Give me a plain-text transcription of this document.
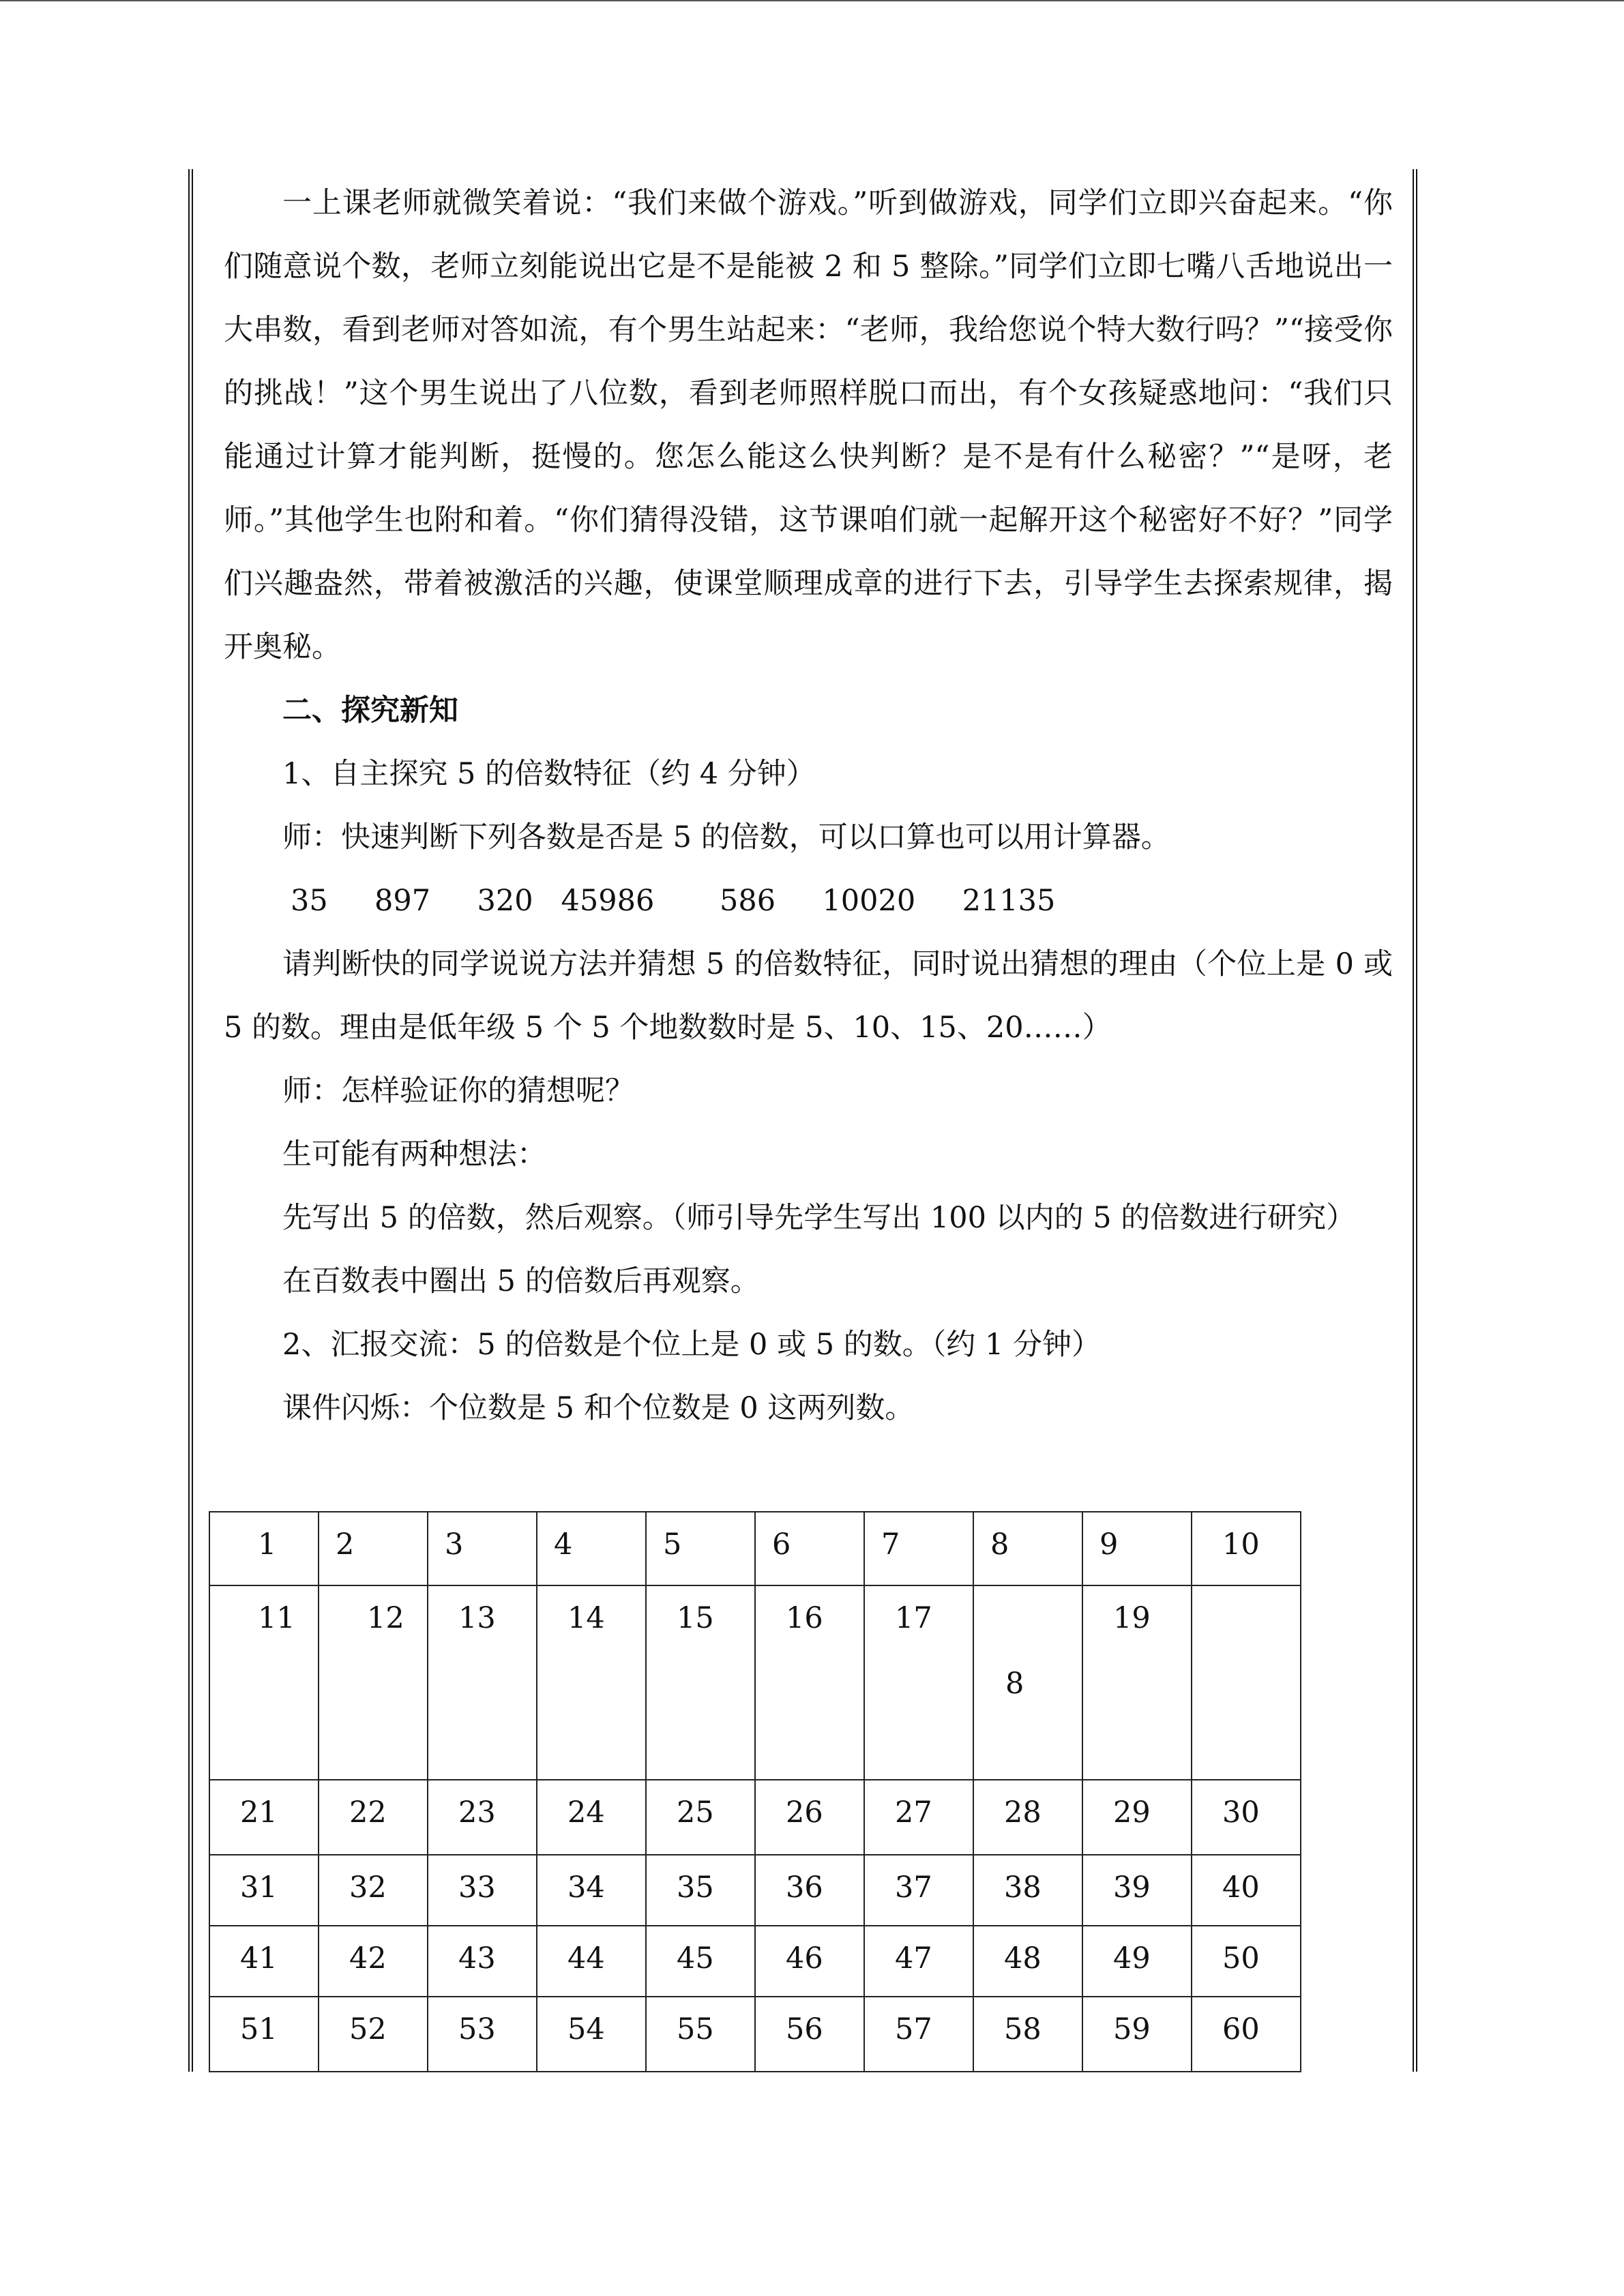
一上课老师就微笑着说：“我们来做个游戏。”听到做游戏，同学们立即兴奋起来。“你们随意说个数，老师立刻能说出它是不是能被 2 和 5 整除。”同学们立即七嘴八舌地说出一大串数，看到老师对答如流，有个男生站起来：“老师，我给您说个特大数行吗？”“接受你的挑战！”这个男生说出了八位数，看到老师照样脱口而出，有个女孩疑惑地问：“我们只能通过计算才能判断，挺慢的。您怎么能这么快判断？是不是有什么秘密？”“是呀，老师。”其他学生也附和着。“你们猜得没错，这节课咱们就一起解开这个秘密好不好？”同学们兴趣盎然，带着被激活的兴趣，使课堂顺理成章的进行下去，引导学生去探索规律，揭开奥秘。

二、探究新知

1、自主探究 5 的倍数特征（约 4 分钟）

师：快速判断下列各数是否是 5 的倍数，可以口算也可以用计算器。

35     897     320   45986       586     10020     21135

请判断快的同学说说方法并猜想 5 的倍数特征，同时说出猜想的理由（个位上是 0 或 5 的数。理由是低年级 5 个 5 个地数数时是 5、10、15、20……）

师：怎样验证你的猜想呢？

生可能有两种想法：

先写出 5 的倍数，然后观察。（师引导先学生写出 100 以内的 5 的倍数进行研究）

在百数表中圈出 5 的倍数后再观察。

2、汇报交流：5 的倍数是个位上是 0 或 5 的数。（约 1 分钟）

课件闪烁：个位数是 5 和个位数是 0 这两列数。

1	2	3	4	5	6	7	8	9	10
11	12	13	14	15	16	17	8	19	
21	22	23	24	25	26	27	28	29	30
31	32	33	34	35	36	37	38	39	40
41	42	43	44	45	46	47	48	49	50
51	52	53	54	55	56	57	58	59	60
